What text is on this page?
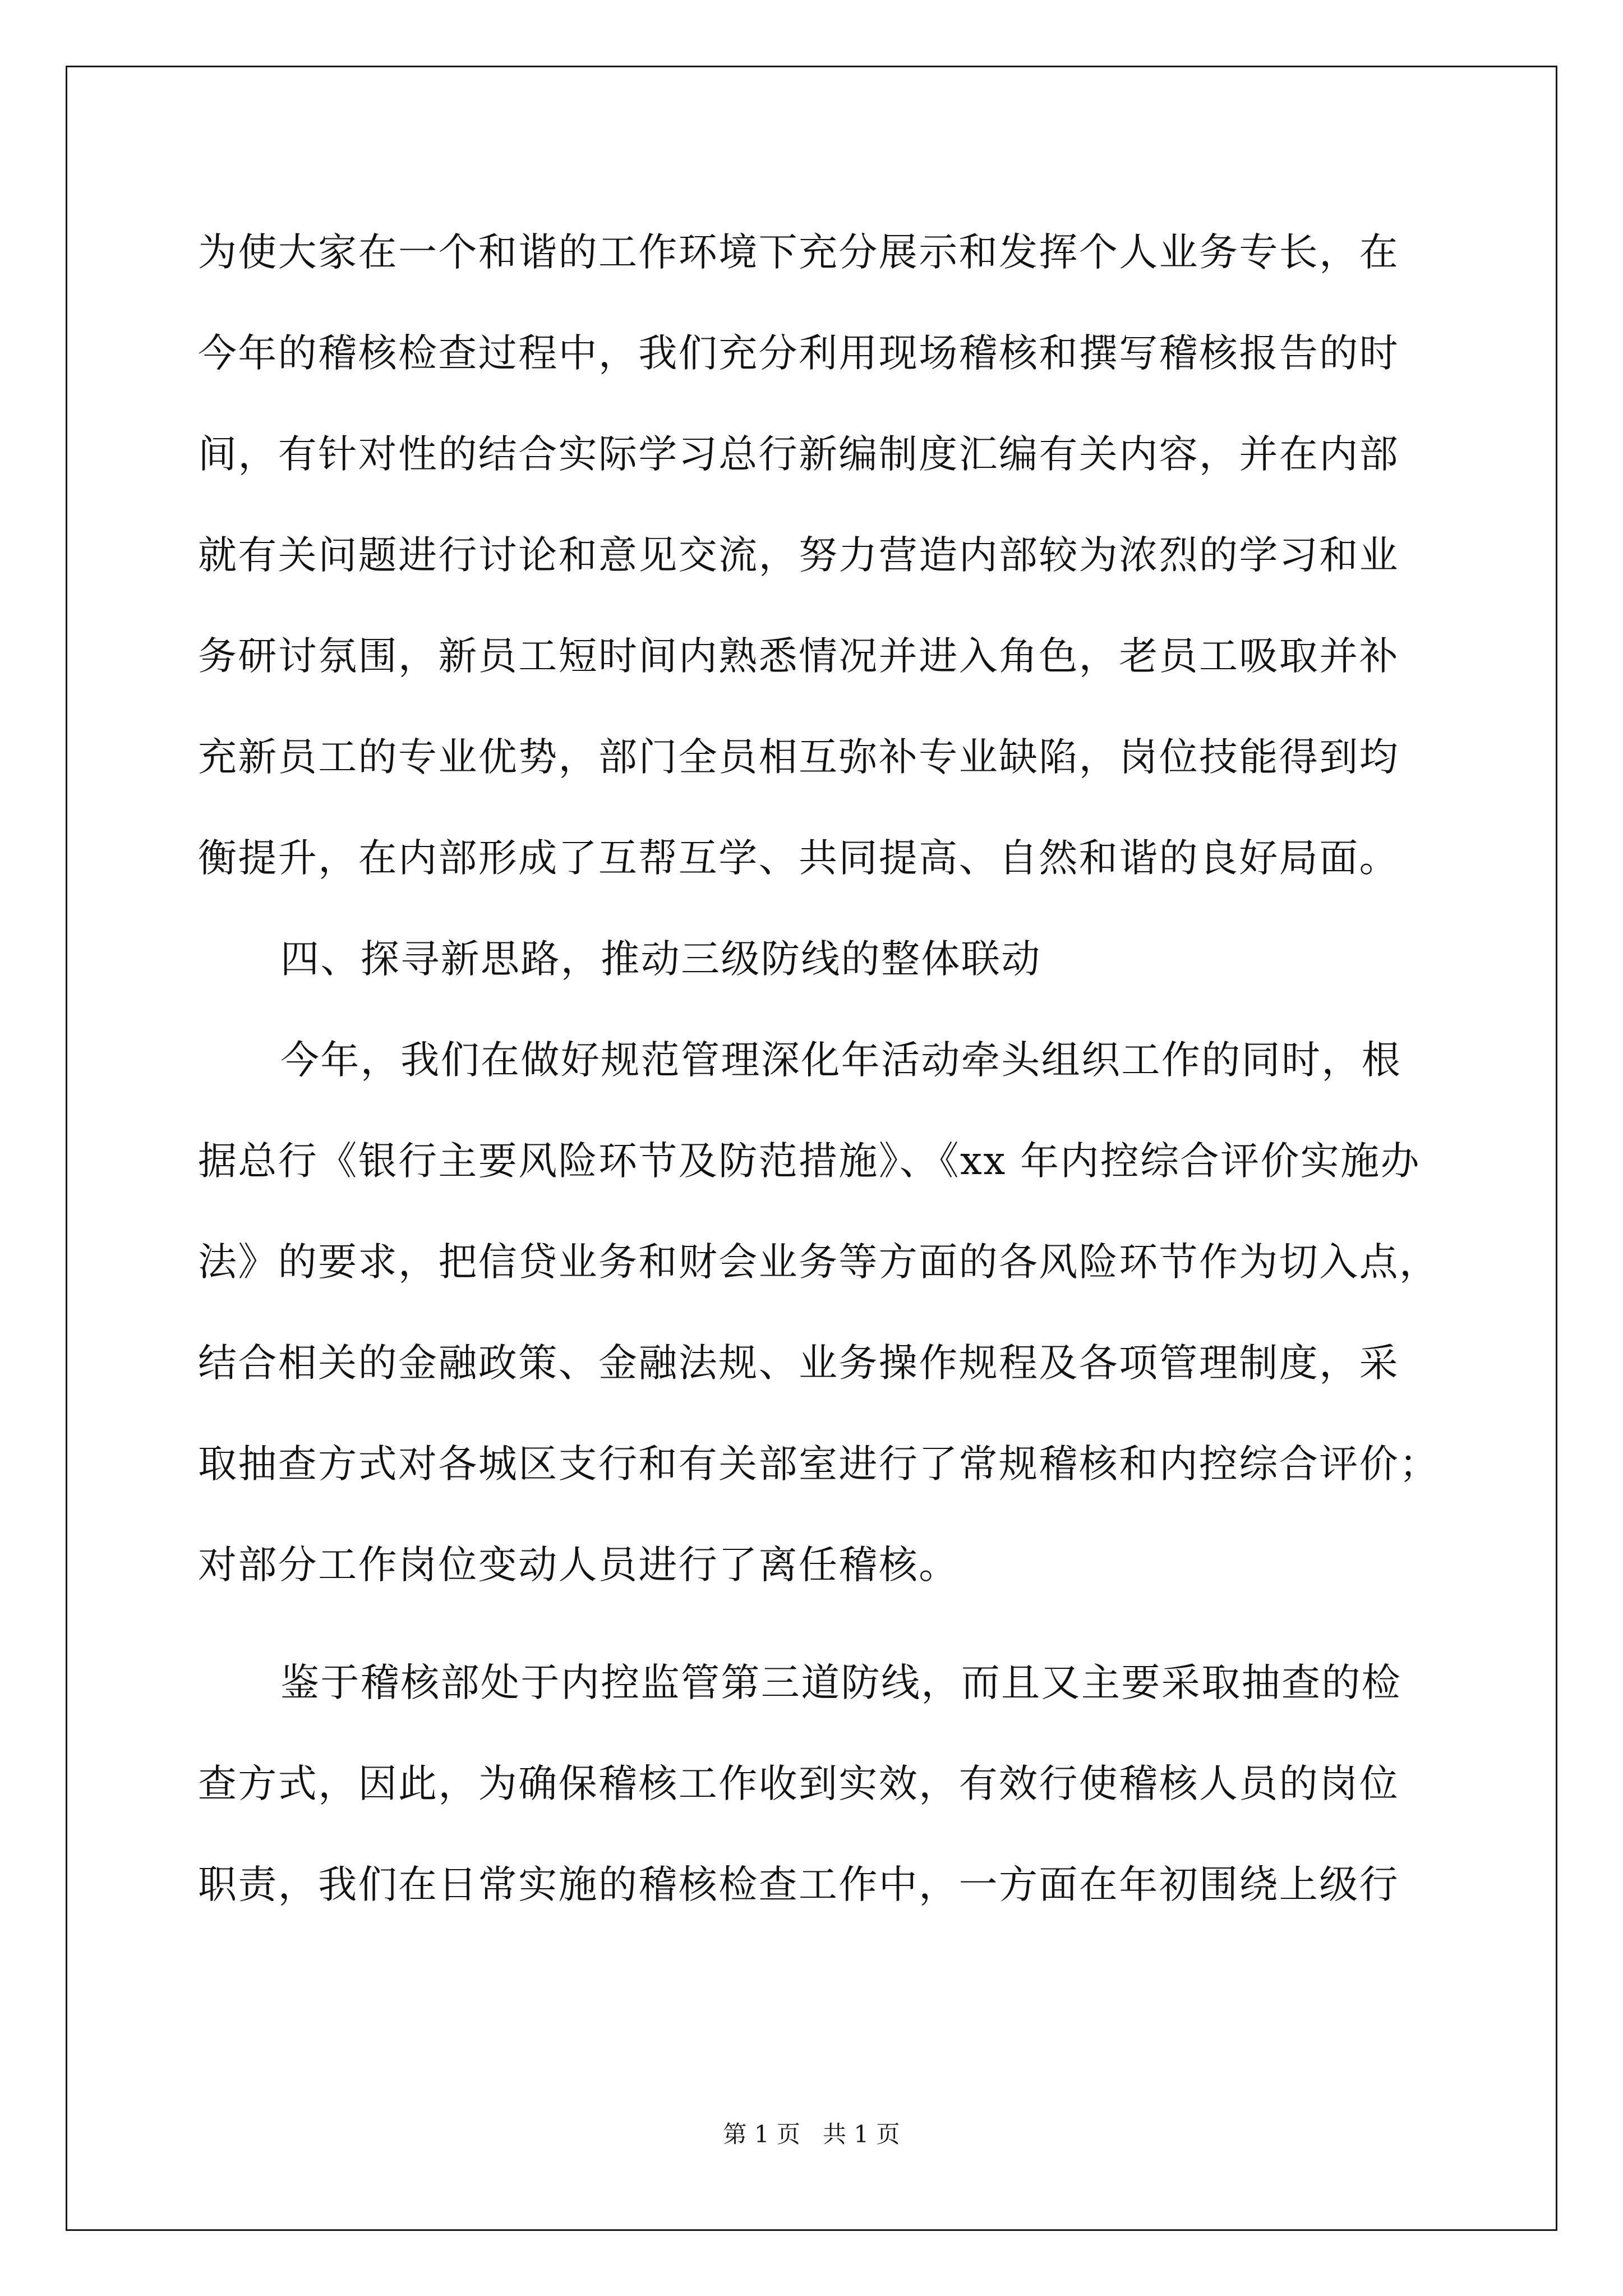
为使大家在一个和谐的工作环境下充分展示和发挥个人业务专长，在
今年的稽核检查过程中，我们充分利用现场稽核和撰写稽核报告的时
间，有针对性的结合实际学习总行新编制度汇编有关内容，并在内部
就有关问题进行讨论和意见交流，努力营造内部较为浓烈的学习和业
务研讨氛围，新员工短时间内熟悉情况并进入角色，老员工吸取并补
充新员工的专业优势，部门全员相互弥补专业缺陷，岗位技能得到均
衡提升，在内部形成了互帮互学、共同提高、自然和谐的良好局面。
四、探寻新思路，推动三级防线的整体联动
今年，我们在做好规范管理深化年活动牵头组织工作的同时，根
据总行《银行主要风险环节及防范措施》、《xx 年内控综合评价实施办
法》的要求，把信贷业务和财会业务等方面的各风险环节作为切入点，
结合相关的金融政策、金融法规、业务操作规程及各项管理制度，采
取抽查方式对各城区支行和有关部室进行了常规稽核和内控综合评价；
对部分工作岗位变动人员进行了离任稽核。
鉴于稽核部处于内控监管第三道防线，而且又主要采取抽查的检
查方式，因此，为确保稽核工作收到实效，有效行使稽核人员的岗位
职责，我们在日常实施的稽核检查工作中，一方面在年初围绕上级行
第 1 页   共 1 页
